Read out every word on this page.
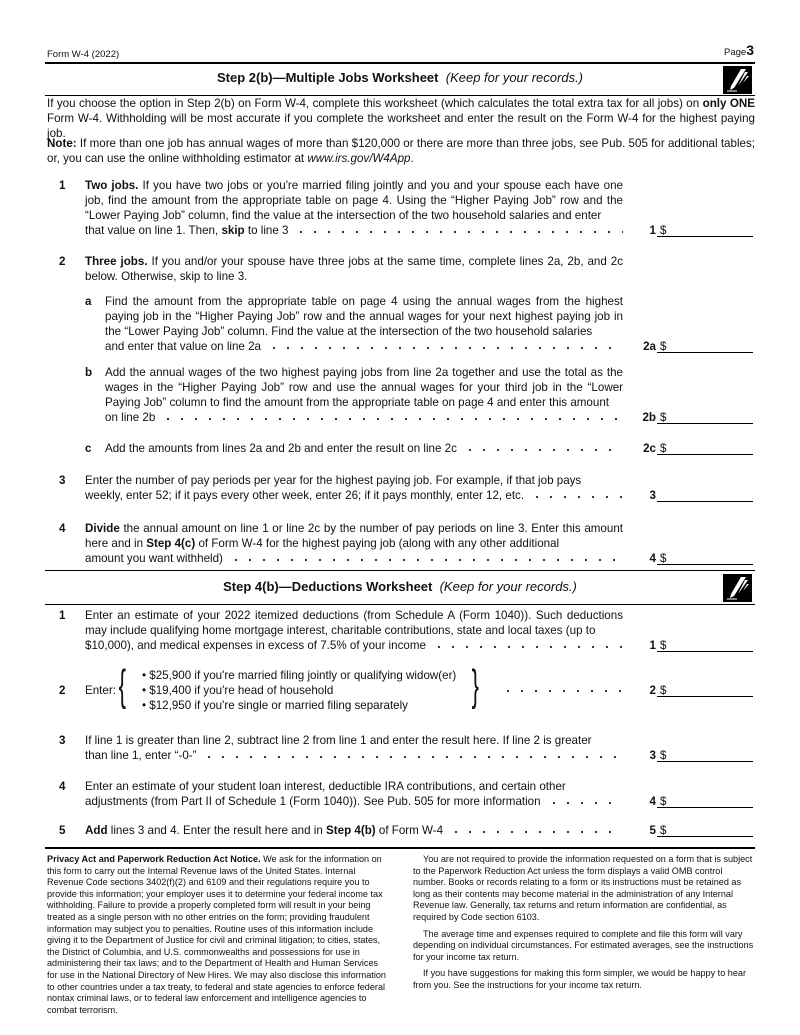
Form W-4 (2022)	Page3
Step 2(b)—Multiple Jobs Worksheet (Keep for your records.)
If you choose the option in Step 2(b) on Form W-4, complete this worksheet (which calculates the total extra tax for all jobs) on only ONE Form W-4. Withholding will be most accurate if you complete the worksheet and enter the result on the Form W-4 for the highest paying job.
Note: If more than one job has annual wages of more than $120,000 or there are more than three jobs, see Pub. 505 for additional tables; or, you can use the online withholding estimator at www.irs.gov/W4App.
1 Two jobs. If you have two jobs or you're married filing jointly and you and your spouse each have one job, find the amount from the appropriate table on page 4. Using the “Higher Paying Job” row and the “Lower Paying Job” column, find the value at the intersection of the two household salaries and enter
that value on line 1. Then, skip to line 3	1 $
2 Three jobs. If you and/or your spouse have three jobs at the same time, complete lines 2a, 2b, and 2c below. Otherwise, skip to line 3.
a Find the amount from the appropriate table on page 4 using the annual wages from the highest paying job in the “Higher Paying Job” row and the annual wages for your next highest paying job in the “Lower Paying Job” column. Find the value at the intersection of the two household salaries
and enter that value on line 2a	2a $
b Add the annual wages of the two highest paying jobs from line 2a together and use the total as the wages in the “Higher Paying Job” row and use the annual wages for your third job in the “Lower Paying Job” column to find the amount from the appropriate table on page 4 and enter this amount
on line 2b	2b $
c Add the amounts from lines 2a and 2b and enter the result on line 2c	2c $
3 Enter the number of pay periods per year for the highest paying job. For example, if that job pays
weekly, enter 52; if it pays every other week, enter 26; if it pays monthly, enter 12, etc.	3
4 Divide the annual amount on line 1 or line 2c by the number of pay periods on line 3. Enter this amount here and in Step 4(c) of Form W-4 for the highest paying job (along with any other additional
amount you want withheld)	4 $
Step 4(b)—Deductions Worksheet (Keep for your records.)
1 Enter an estimate of your 2022 itemized deductions (from Schedule A (Form 1040)). Such deductions may include qualifying home mortgage interest, charitable contributions, state and local taxes (up to
$10,000), and medical expenses in excess of 7.5% of your income	1 $
2 Enter: { • $25,900 if you're married filing jointly or qualifying widow(er)
• $19,400 if you're head of household
• $12,950 if you're single or married filing separately	}	2 $
3 If line 1 is greater than line 2, subtract line 2 from line 1 and enter the result here. If line 2 is greater
than line 1, enter “-0-”	3 $
4 Enter an estimate of your student loan interest, deductible IRA contributions, and certain other
adjustments (from Part II of Schedule 1 (Form 1040)). See Pub. 505 for more information	4 $
5 Add lines 3 and 4. Enter the result here and in Step 4(b) of Form W-4	5 $
Privacy Act and Paperwork Reduction Act Notice. We ask for the information on this form to carry out the Internal Revenue laws of the United States. Internal Revenue Code sections 3402(f)(2) and 6109 and their regulations require you to provide this information; your employer uses it to determine your federal income tax withholding. Failure to provide a properly completed form will result in your being treated as a single person with no other entries on the form; providing fraudulent information may subject you to penalties. Routine uses of this information include giving it to the Department of Justice for civil and criminal litigation; to cities, states, the District of Columbia, and U.S. commonwealths and possessions for use in administering their tax laws; and to the Department of Health and Human Services for use in the National Directory of New Hires. We may also disclose this information to other countries under a tax treaty, to federal and state agencies to enforce federal nontax criminal laws, or to federal law enforcement and intelligence agencies to combat terrorism.

You are not required to provide the information requested on a form that is subject to the Paperwork Reduction Act unless the form displays a valid OMB control number. Books or records relating to a form or its instructions must be retained as long as their contents may become material in the administration of any Internal Revenue law. Generally, tax returns and return information are confidential, as required by Code section 6103.

The average time and expenses required to complete and file this form will vary depending on individual circumstances. For estimated averages, see the instructions for your income tax return.

If you have suggestions for making this form simpler, we would be happy to hear from you. See the instructions for your income tax return.
